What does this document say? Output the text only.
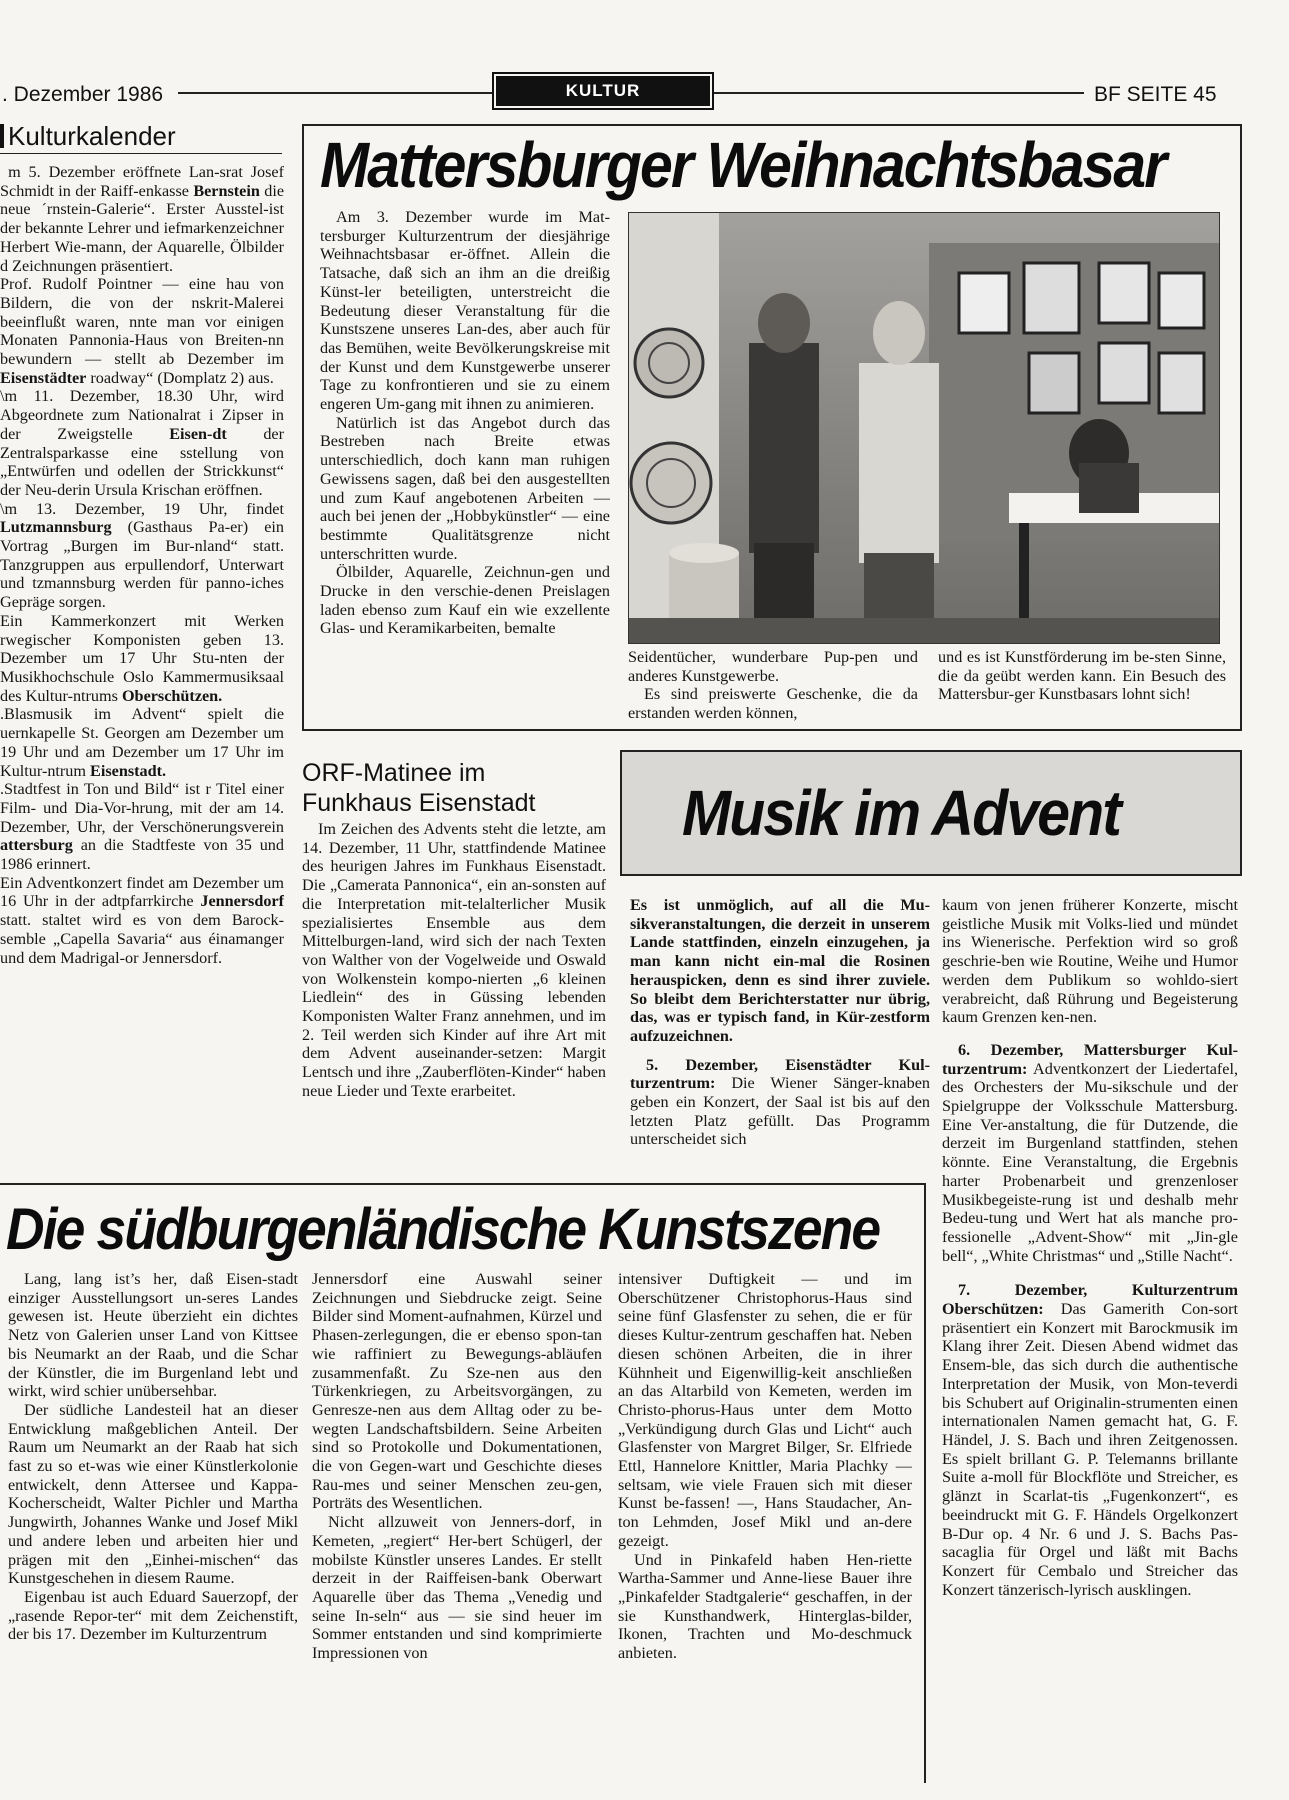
. Dezember 1986	KULTUR	BF SEITE 45
Kulturkalender

 m 5. Dezember eröffnete Lan-srat Josef Schmidt in der Raiff-enkasse Bernstein die neue ´rnstein-Galerie“. Erster Ausstel-ist der bekannte Lehrer und iefmarkenzeichner Herbert Wie-mann, der Aquarelle, Ölbilder d Zeichnungen präsentiert.

Prof. Rudolf Pointner — eine hau von Bildern, die von der nskrit-Malerei beeinflußt waren, nnte man vor einigen Monaten Pannonia-Haus von Breiten-nn bewundern — stellt ab Dezember im Eisenstädter roadway“ (Domplatz 2) aus.

\m 11. Dezember, 18.30 Uhr, wird Abgeordnete zum Nationalrat i Zipser in der Zweigstelle Eisen-dt der Zentralsparkasse eine sstellung von „Entwürfen und odellen der Strickkunst“ der Neu-derin Ursula Krischan eröffnen.

\m 13. Dezember, 19 Uhr, findet Lutzmannsburg (Gasthaus Pa-er) ein Vortrag „Burgen im Bur-nland“ statt. Tanzgruppen aus erpullendorf, Unterwart und tzmannsburg werden für panno-iches Gepräge sorgen.

Ein Kammerkonzert mit Werken rwegischer Komponisten geben 13. Dezember um 17 Uhr Stu-nten der Musikhochschule Oslo Kammermusiksaal des Kultur-ntrums Oberschützen.

.Blasmusik im Advent“ spielt die uernkapelle St. Georgen am Dezember um 19 Uhr und am Dezember um 17 Uhr im Kultur-ntrum Eisenstadt.

.Stadtfest in Ton und Bild“ ist r Titel einer Film- und Dia-Vor-hrung, mit der am 14. Dezember, Uhr, der Verschönerungsverein attersburg an die Stadtfeste von 35 und 1986 erinnert.

Ein Adventkonzert findet am Dezember um 16 Uhr in der adtpfarrkirche Jennersdorf statt. staltet wird es von dem Barock-semble „Capella Savaria“ aus éinamanger und dem Madrigal-or Jennersdorf.

Mattersburger Weihnachtsbasar

Am 3. Dezember wurde im Mat-tersburger Kulturzentrum der diesjährige Weihnachtsbasar er-öffnet. Allein die Tatsache, daß sich an ihm an die dreißig Künst-ler beteiligten, unterstreicht die Bedeutung dieser Veranstaltung für die Kunstszene unseres Lan-des, aber auch für das Bemühen, weite Bevölkerungskreise mit der Kunst und dem Kunstgewerbe unserer Tage zu konfrontieren und sie zu einem engeren Um-gang mit ihnen zu animieren.

Natürlich ist das Angebot durch das Bestreben nach Breite etwas unterschiedlich, doch kann man ruhigen Gewissens sagen, daß bei den ausgestellten und zum Kauf angebotenen Arbeiten — auch bei jenen der „Hobbykünstler“ — eine bestimmte Qualitätsgrenze nicht unterschritten wurde.

Ölbilder, Aquarelle, Zeichnun-gen und Drucke in den verschie-denen Preislagen laden ebenso zum Kauf ein wie exzellente Glas- und Keramikarbeiten, bemalte

Seidentücher, wunderbare Pup-pen und anderes Kunstgewerbe.

Es sind preiswerte Geschenke, die da erstanden werden können,

und es ist Kunstförderung im be-sten Sinne, die da geübt werden kann. Ein Besuch des Mattersbur-ger Kunstbasars lohnt sich!

ORF-Matinee im
Funkhaus Eisenstadt

Im Zeichen des Advents steht die letzte, am 14. Dezember, 11 Uhr, stattfindende Matinee des heurigen Jahres im Funkhaus Eisenstadt. Die „Camerata Pannonica“, ein an-sonsten auf die Interpretation mit-telalterlicher Musik spezialisiertes Ensemble aus dem Mittelburgen-land, wird sich der nach Texten von Walther von der Vogelweide und Oswald von Wolkenstein kompo-nierten „6 kleinen Liedlein“ des in Güssing lebenden Komponisten Walter Franz annehmen, und im 2. Teil werden sich Kinder auf ihre Art mit dem Advent auseinander-setzen: Margit Lentsch und ihre „Zauberflöten-Kinder“ haben neue Lieder und Texte erarbeitet.

Musik im Advent

Es ist unmöglich, auf all die Mu-sikveranstaltungen, die derzeit in unserem Lande stattfinden, einzeln einzugehen, ja man kann nicht ein-mal die Rosinen herauspicken, denn es sind ihrer zuviele. So bleibt dem Berichterstatter nur übrig, das, was er typisch fand, in Kür-zestform aufzuzeichnen.

5. Dezember, Eisenstädter Kul-turzentrum: Die Wiener Sänger-knaben geben ein Konzert, der Saal ist bis auf den letzten Platz gefüllt. Das Programm unterscheidet sich

kaum von jenen früherer Konzerte, mischt geistliche Musik mit Volks-lied und mündet ins Wienerische. Perfektion wird so groß geschrie-ben wie Routine, Weihe und Humor werden dem Publikum so wohldo-siert verabreicht, daß Rührung und Begeisterung kaum Grenzen ken-nen.

6. Dezember, Mattersburger Kul-turzentrum: Adventkonzert der Liedertafel, des Orchesters der Mu-sikschule und der Spielgruppe der Volksschule Mattersburg. Eine Ver-anstaltung, die für Dutzende, die derzeit im Burgenland stattfinden, stehen könnte. Eine Veranstaltung, die Ergebnis harter Probenarbeit und grenzenloser Musikbegeiste-rung ist und deshalb mehr Bedeu-tung und Wert hat als manche pro-fessionelle „Advent-Show“ mit „Jin-gle bell“, „White Christmas“ und „Stille Nacht“.

7. Dezember, Kulturzentrum Oberschützen: Das Gamerith Con-sort präsentiert ein Konzert mit Barockmusik im Klang ihrer Zeit. Diesen Abend widmet das Ensem-ble, das sich durch die authentische Interpretation der Musik, von Mon-teverdi bis Schubert auf Originalin-strumenten einen internationalen Namen gemacht hat, G. F. Händel, J. S. Bach und ihren Zeitgenossen. Es spielt brillant G. P. Telemanns brillante Suite a-moll für Blockflöte und Streicher, es glänzt in Scarlat-tis „Fugenkonzert“, es beeindruckt mit G. F. Händels Orgelkonzert B-Dur op. 4 Nr. 6 und J. S. Bachs Pas-sacaglia für Orgel und läßt mit Bachs Konzert für Cembalo und Streicher das Konzert tänzerisch-lyrisch ausklingen.

Die südburgenländische Kunstszene

Lang, lang ist’s her, daß Eisen-stadt einziger Ausstellungsort un-seres Landes gewesen ist. Heute überzieht ein dichtes Netz von Galerien unser Land von Kittsee bis Neumarkt an der Raab, und die Schar der Künstler, die im Burgenland lebt und wirkt, wird schier unübersehbar.

Der südliche Landesteil hat an dieser Entwicklung maßgeblichen Anteil. Der Raum um Neumarkt an der Raab hat sich fast zu so et-was wie einer Künstlerkolonie entwickelt, denn Attersee und Kappa-Kocherscheidt, Walter Pichler und Martha Jungwirth, Johannes Wanke und Josef Mikl und andere leben und arbeiten hier und prägen mit den „Einhei-mischen“ das Kunstgeschehen in diesem Raume.

Eigenbau ist auch Eduard Sauerzopf, der „rasende Repor-ter“ mit dem Zeichenstift, der bis 17. Dezember im Kulturzentrum

Jennersdorf eine Auswahl seiner Zeichnungen und Siebdrucke zeigt. Seine Bilder sind Moment-aufnahmen, Kürzel und Phasen-zerlegungen, die er ebenso spon-tan wie raffiniert zu Bewegungs-abläufen zusammenfaßt. Zu Sze-nen aus den Türkenkriegen, zu Arbeitsvorgängen, zu Genresze-nen aus dem Alltag oder zu be-wegten Landschaftsbildern. Seine Arbeiten sind so Protokolle und Dokumentationen, die von Gegen-wart und Geschichte dieses Rau-mes und seiner Menschen zeu-gen, Porträts des Wesentlichen.

Nicht allzuweit von Jenners-dorf, in Kemeten, „regiert“ Her-bert Schügerl, der mobilste Künstler unseres Landes. Er stellt derzeit in der Raiffeisen-bank Oberwart Aquarelle über das Thema „Venedig und seine In-seln“ aus — sie sind heuer im Sommer entstanden und sind komprimierte Impressionen von

intensiver Duftigkeit — und im Oberschützener Christophorus-Haus sind seine fünf Glasfenster zu sehen, die er für dieses Kultur-zentrum geschaffen hat. Neben diesen schönen Arbeiten, die in ihrer Kühnheit und Eigenwillig-keit anschließen an das Altarbild von Kemeten, werden im Christo-phorus-Haus unter dem Motto „Verkündigung durch Glas und Licht“ auch Glasfenster von Margret Bilger, Sr. Elfriede Ettl, Hannelore Knittler, Maria Plachky — seltsam, wie viele Frauen sich mit dieser Kunst be-fassen! —, Hans Staudacher, An-ton Lehmden, Josef Mikl und an-dere gezeigt.

Und in Pinkafeld haben Hen-riette Wartha-Sammer und Anne-liese Bauer ihre „Pinkafelder Stadtgalerie“ geschaffen, in der sie Kunsthandwerk, Hinterglas-bilder, Ikonen, Trachten und Mo-deschmuck anbieten.
